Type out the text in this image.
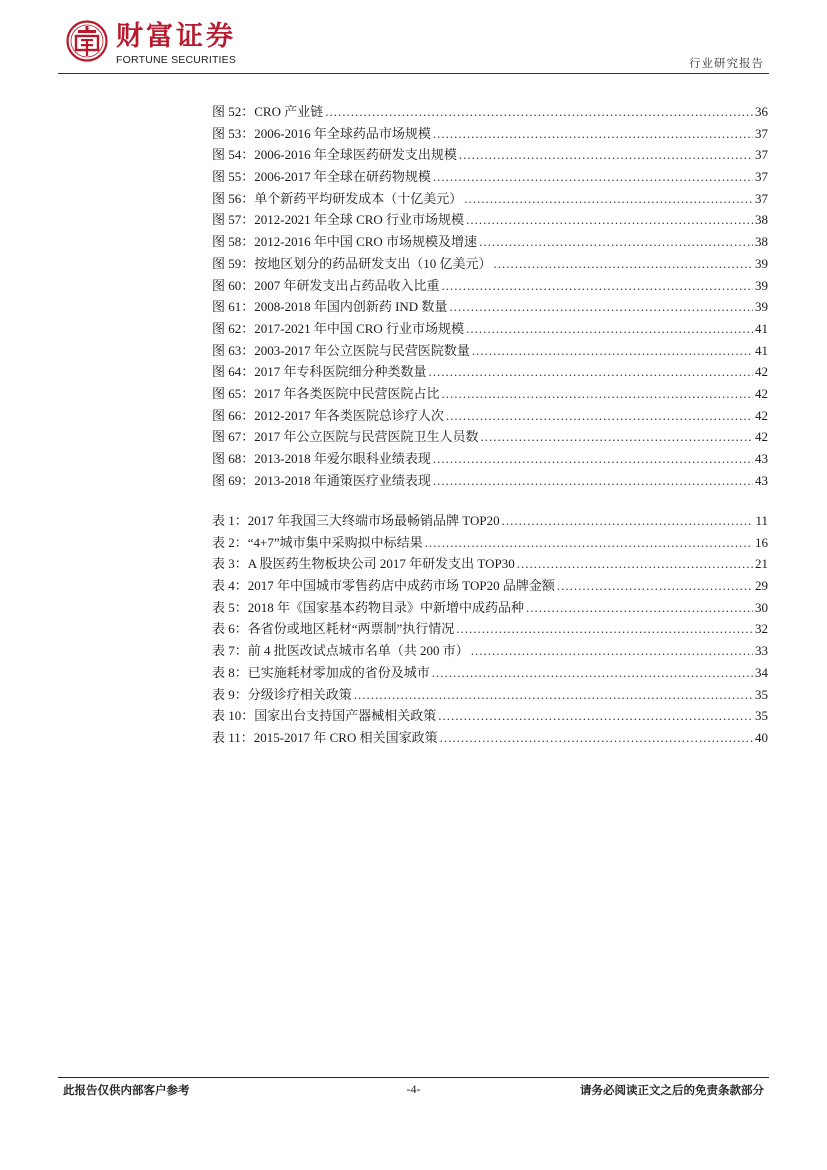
财富证券
FORTUNE SECURITIES	行业研究报告
图 52：CRO 产业链 .....	36
图 53：2006-2016 年全球药品市场规模 .....	37
图 54：2006-2016 年全球医药研发支出规模 .....	37
图 55：2006-2017 年全球在研药物规模 .....	37
图 56：单个新药平均研发成本（十亿美元） .....	37
图 57：2012-2021 年全球 CRO 行业市场规模 .....	38
图 58：2012-2016 年中国 CRO 市场规模及增速 .....	38
图 59：按地区划分的药品研发支出（10 亿美元） .....	39
图 60：2007 年研发支出占药品收入比重 .....	39
图 61：2008-2018 年国内创新药 IND 数量 .....	39
图 62：2017-2021 年中国 CRO 行业市场规模 .....	41
图 63：2003-2017 年公立医院与民营医院数量 .....	41
图 64：2017 年专科医院细分种类数量 .....	42
图 65：2017 年各类医院中民营医院占比 .....	42
图 66：2012-2017 年各类医院总诊疗人次 .....	42
图 67：2017 年公立医院与民营医院卫生人员数 .....	42
图 68：2013-2018 年爱尔眼科业绩表现 .....	43
图 69：2013-2018 年通策医疗业绩表现 .....	43
表 1：2017 年我国三大终端市场最畅销品牌 TOP20 .....	11
表 2：“4+7”城市集中采购拟中标结果 .....	16
表 3：A 股医药生物板块公司 2017 年研发支出 TOP30 .....	21
表 4：2017 年中国城市零售药店中成药市场 TOP20 品牌金额 .....	29
表 5：2018 年《国家基本药物目录》中新增中成药品种 .....	30
表 6：各省份或地区耗材“两票制”执行情况 .....	32
表 7：前 4 批医改试点城市名单（共 200 市） .....	33
表 8：已实施耗材零加成的省份及城市 .....	34
表 9：分级诊疗相关政策 .....	35
表 10：国家出台支持国产器械相关政策 .....	35
表 11：2015-2017 年 CRO 相关国家政策 .....	40
此报告仅供内部客户参考	-4-	请务必阅读正文之后的免责条款部分
